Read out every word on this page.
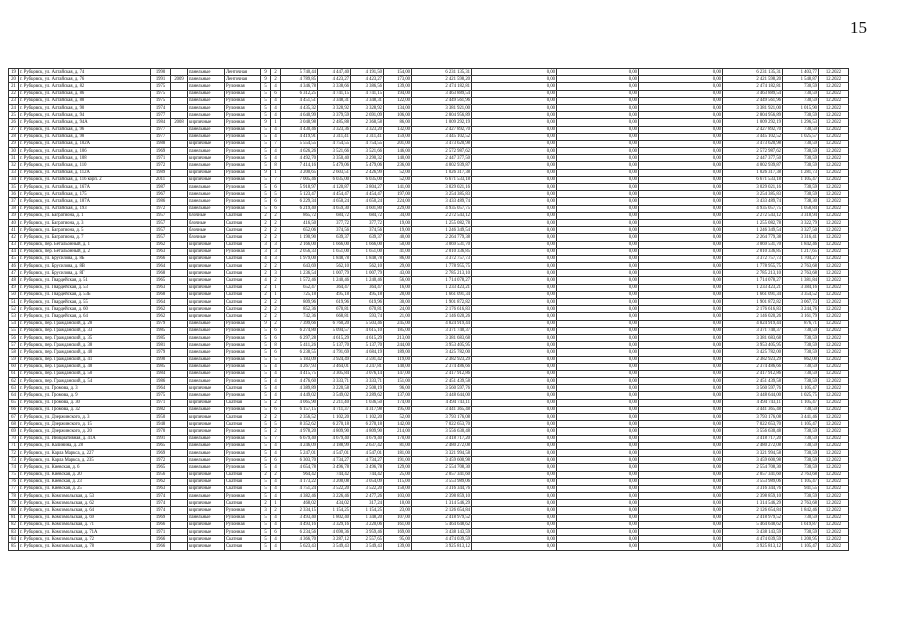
15
19	г. Рубцовск, ул. Алтайская, д. 74	1990		панельные	Ленточная	9	2	5 740,44	4 447,40	4 191,50	154,00	6 231 135,31	0,00	0,00	0,00	6 231 135,31	1 403,77	12.2022
20	г. Рубцовск, ул. Алтайская, д. 76	1991	2009	панельные	Ленточная	9	2	4 789,85	4 423,27	4 423,27	173,00	2 421 598,20	0,00	0,00	0,00	2 421 598,20	1 548,87	12.2022
21	г. Рубцовск, ул. Алтайская, д. 82	1975		панельные	Рулонная	5	4	4 346,78	3 338,66	3 386,56	139,00	2 474 182,81	0,00	0,00	0,00	2 474 182,81	730,59	12.2022
22	г. Рубцовск, ул. Алтайская, д. 86	1975		панельные	Рулонная	5	6	6 312,25	4 741,15	4 741,15	194,00	3 463 889,54	0,00	0,00	0,00	3 463 889,54	730,59	12.2022
23	г. Рубцовск, ул. Алтайская, д. 88	1975		панельные	Рулонная	5	4	4 451,51	3 348,31	3 348,31	122,00	2 449 561,96	0,00	0,00	0,00	2 449 561,96	730,59	12.2022
24	г. Рубцовск, ул. Алтайская, д. 90	1974		панельные	Рулонная	5	4	4 435,32	3 328,92	3 328,92	134,00	3 381 921,00	0,00	0,00	0,00	3 381 921,00	1 015,90	12.2022
25	г. Рубцовск, ул. Алтайская, д. 94	1977		панельные	Рулонная	5	4	4 640,99	3 379,59	2 691,09	106,00	2 804 956,89	0,00	0,00	0,00	2 804 956,89	730,59	12.2022
26	г. Рубцовск, ул. Алтайская, д. 94А	1984	2008	кирпичные	Рулонная	9	1	3 048,98	2 485,88	2 368,58	86,00	1 009 292,19	0,00	0,00	0,00	1 009 292,19	1 296,53	12.2022
27	г. Рубцовск, ул. Алтайская, д. 96	1977		панельные	Рулонная	5	4	4 430,46	3 323,36	3 323,20	132,00	2 427 892,70	0,00	0,00	0,00	2 427 892,70	730,59	12.2022
28	г. Рубцовск, ул. Алтайская, д. 98	1977		панельные	Рулонная	5	4	4 419,91	3 311,41	3 311,41	159,00	3 445 102,52	0,00	0,00	0,00	3 445 102,52	1 025,57	12.2022
29	г. Рубцовск, ул. Алтайская, д. 102А	1988		кирпичные	Рулонная	5	7	5 554,55	4 754,55	4 754,55	201,00	3 473 620,98	0,00	0,00	0,00	3 473 620,98	730,59	12.2022
30	г. Рубцовск, ул. Алтайская, д. 106	1969		панельные	Рулонная	5	4	4 626,26	3 521,66	3 521,66	146,00	2 572 987,62	0,00	0,00	0,00	2 572 987,62	730,59	12.2022
31	г. Рубцовск, ул. Алтайская, д. 108	1971		кирпичные	Рулонная	5	4	4 492,70	3 350,40	3 290,32	140,00	2 447 377,50	0,00	0,00	0,00	2 447 377,50	730,59	12.2022
32	г. Рубцовск, ул. Алтайская, д. 110	1972		панельные	Рулонная	5	8	7 414,16	5 479,06	5 479,06	236,00	4 002 939,87	0,00	0,00	0,00	4 002 939,87	730,59	12.2022
33	г. Рубцовск, ул. Алтайская, д. 112А	1989		кирпичные	Рулонная	9	1	3 200,65	2 603,51	2 426,99	52,00	1 026 317,38	0,00	0,00	0,00	1 026 317,38	1 281,73	12.2022
34	г. Рубцовск, ул. Алтайская, д. 116 корп. 2	2011		кирпичные	Рулонная	5	7	7 005,46	6 035,00	6 035,00	52,00	6 671 533,18	0,00	0,00	0,00	6 671 533,18	1 105,47	12.2022
35	г. Рубцовск, ул. Алтайская, д. 167А	1987		панельные	Рулонная	5	6	5 918,97	4 120,87	3 804,27	141,00	3 029 021,16	0,00	0,00	0,00	3 029 021,16	730,59	12.2022
36	г. Рубцовск, ул. Алтайская, д. 175	1967		панельные	Рулонная	5	5	5 123,47	4 454,47	4 454,47	197,00	3 254 385,83	0,00	0,00	0,00	3 254 385,83	730,59	12.2022
37	г. Рубцовск, ул. Алтайская, д. 187А	1986		панельные	Рулонная	5	6	6 229,34	4 650,24	4 650,24	224,00	3 433 489,74	0,00	0,00	0,00	3 433 489,74	738,30	12.2022
38	г. Рубцовск, ул. Алтайская, д. 193	1972		панельные	Рулонная	5	6	6 219,40	4 659,30	4 601,80	229,00	4 935 057,75	0,00	0,00	0,00	4 935 057,75	1 058,84	12.2022
39	г. Рубцовск, ул. Багратиона, д. 1	1957		блочные	Скатная	2	2	865,72	684,72	684,72	34,00	2 272 543,12	0,00	0,00	0,00	2 272 543,12	3 318,94	12.2022
40	г. Рубцовск, ул. Багратиона, д. 3	1957		блочные	Скатная	2	2	416,50	377,72	377,72	19,00	1 255 082,78	0,00	0,00	0,00	1 255 082,78	3 322,79	12.2022
41	г. Рубцовск, ул. Багратиона, д. 5	1957		блочные	Скатная	2	2	652,06	374,56	374,56	19,00	1 246 349,54	0,00	0,00	0,00	1 246 349,54	3 327,50	12.2022
42	г. Рубцовск, ул. Багратиона, д. 7	1957		блочные	Скатная	2	2	1 190,90	639,37	639,37	40,00	2 264 779,38	0,00	0,00	0,00	2 264 779,38	3 316,41	12.2022
43	г. Рубцовск, пер. Бетальонный, д. 1	1962		кирпичные	Скатная	3	3	2 166,00	1 666,00	1 666,00	50,00	3 069 531,70	0,00	0,00	0,00	3 069 531,70	1 842,46	12.2022
44	г. Рубцовск, пер. Бетальонный, д. 2	1963		кирпичные	Рулонная	3	3	2 056,33	1 651,00	1 651,00	41,00	2 010 336,85	0,00	0,00	0,00	2 010 336,85	1 217,65	12.2022
45	г. Рубцовск, ул. Брусилова, д. 8Б	1966		кирпичные	Скатная	4	3	1 979,00	1 848,78	1 848,78	86,00	3 372 757,73	0,00	0,00	0,00	3 372 757,73	1 704,27	12.2022
46	г. Рубцовск, ул. Брусилова, д. 8В	1964		кирпичные	Скатная	2	2	643,69	562,10	562,10	29,00	1 778 955,75	0,00	0,00	0,00	1 778 955,75	2 763,68	12.2022
47	г. Рубцовск, ул. Брусилова, д. 8Г	1968		кирпичные	Скатная	2	3	1 236,54	1 007,79	1 007,79	43,00	2 785 213,10	0,00	0,00	0,00	2 785 213,10	2 763,68	12.2022
48	г. Рубцовск, ул. Гвардейская, д. 51	1965		кирпичные	Скатная	4	2	1 572,46	1 240,46	1 240,46	56,00	1 714 078,27	0,00	0,00	0,00	1 714 078,27	1 381,84	12.2022
49	г. Рубцовск, ул. Гвардейская, д. 53	1963		кирпичные	Скатная	2	1	652,47	364,47	364,47	16,00	1 233 423,21	0,00	0,00	0,00	1 233 423,21	3 384,16	12.2022
50	г. Рубцовск, ул. Гвардейская, д. 53Б	1968		кирпичные	Скатная	2	1	725,18	495,18	495,18	20,00	1 661 091,34	0,00	0,00	0,00	1 661 091,34	3 354,52	12.2022
51	г. Рубцовск, ул. Гвардейская, д. 55	1964		кирпичные	Скатная	2	2	809,96	619,96	619,96	30,00	1 901 872,82	0,00	0,00	0,00	1 901 872,82	3 067,73	12.2022
52	г. Рубцовск, ул. Гвардейская, д. 60	1962		кирпичные	Скатная	2	2	852,36	670,81	670,81	24,00	2 176 616,83	0,00	0,00	0,00	2 176 616,83	3 244,76	12.2022
53	г. Рубцовск, ул. Гвардейская, д. 64	1962		кирпичные	Скатная	2	2	742,36	668,81	593,74	21,00	2 146 020,26	0,00	0,00	0,00	2 146 020,26	3 161,79	12.2022
54	г. Рубцовск, пер. Гражданский, д. 28	1979		панельные	Рулонная	9	2	7 399,66	6 760,20	5 503,46	245,00	4 824 919,44	0,00	0,00	0,00	4 824 919,44	876,71	12.2022
55	г. Рубцовск, пер. Гражданский, д. 33	1985		панельные	Рулонная	5	6	6 274,80	5 094,57	4 615,10	185,00	3 371 740,37	0,00	0,00	0,00	3 371 740,37	730,59	12.2022
56	г. Рубцовск, пер. Гражданский, д. 35	1985		панельные	Рулонная	5	6	6 297,28	4 615,29	4 615,29	213,00	3 381 683,68	0,00	0,00	0,00	3 381 683,68	730,59	12.2022
57	г. Рубцовск, пер. Гражданский, д. 38	1981		панельные	Рулонная	5	8	5 411,26	5 137,70	5 137,70	244,00	3 953 405,95	0,00	0,00	0,00	3 953 405,95	730,59	12.2022
58	г. Рубцовск, пер. Гражданский, д. 40	1979		панельные	Рулонная	5	6	6 238,55	4 791,69	4 684,19	189,00	3 425 782,00	0,00	0,00	0,00	3 425 782,00	730,59	12.2022
59	г. Рубцовск, пер. Гражданский, д. 41	1990		панельные	Рулонная	5	5	5 183,09	3 924,49	3 591,42	119,00	2 382 923,29	0,00	0,00	0,00	2 382 923,29	862,00	12.2022
60	г. Рубцовск, пер. Гражданский, д. 48	1985		панельные	Рулонная	5	4	4 267,93	3 464,01	3 247,81	140,00	2 374 486,66	0,00	0,00	0,00	2 374 486,66	730,59	12.2022
61	г. Рубцовск, пер. Гражданский, д. 50	1984		панельные	Рулонная	5	4	4 415,75	3 305,84	3 076,14	147,00	2 417 912,86	0,00	0,00	0,00	2 417 912,86	730,59	12.2022
62	г. Рубцовск, пер. Гражданский, д. 54	1986		панельные	Рулонная	5	4	4 476,60	3 333,71	3 333,71	151,00	2 451 439,58	0,00	0,00	0,00	2 451 439,58	730,59	12.2022
63	г. Рубцовск, ул. Громова, д. 3	1964		кирпичные	Скатная	5	4	4 389,89	3 220,58	2 508,19	96,00	3 560 597,76	0,00	0,00	0,00	3 560 597,76	1 105,47	12.2022
64	г. Рубцовск, ул. Громова, д. 9	1975		панельные	Рулонная	5	4	4 449,02	3 549,02	3 289,62	137,00	3 448 644,00	0,00	0,00	0,00	3 448 644,00	1 025,75	12.2022
65	г. Рубцовск, ул. Громова, д. 30	1971		кирпичные	Скатная	5	2	4 065,90	2 211,40	1 036,50	174,00	4 494 743,11	0,00	0,00	0,00	4 494 743,11	1 105,47	12.2022
66	г. Рубцовск, ул. Громова, д. 32	1982		панельные	Рулонная	5	6	6 157,15	4 711,37	4 317,98	195,00	3 441 365,48	0,00	0,00	0,00	3 441 365,48	730,59	12.2022
67	г. Рубцовск, ул. Дзержинского, д. 3	1950		кирпичные	Скатная	2	2	2 356,52	1 102,20	1 102,20	52,00	3 793 176,08	0,00	0,00	0,00	3 793 176,08	3 441,46	12.2022
68	г. Рубцовск, ул. Дзержинского, д. 15	1948		кирпичные	Скатная	5	5	8 352,62	6 270,18	6 270,18	142,00	7 022 653,70	0,00	0,00	0,00	7 022 653,70	1 105,47	12.2022
69	г. Рубцовск, ул. Дзержинского, д. 20	1970		кирпичные	Рулонная	5	2	4 978,20	4 809,90	4 809,90	214,00	3 556 630,48	0,00	0,00	0,00	3 556 630,48	730,59	12.2022
70	г. Рубцовск, ул. Инициативная, д. 41А	1991		панельные	Рулонная	5	7	6 679,40	4 679,40	4 679,40	170,00	3 418 717,20	0,00	0,00	0,00	3 418 717,20	730,59	12.2022
71	г. Рубцовск, ул. Калинина, д. 28	1965		панельные	Рулонная	5	4	4 246,09	3 188,99	2 637,42	81,00	2 480 272,08	0,00	0,00	0,00	2 480 272,08	730,59	12.2022
72	г. Рубцовск, ул. Карла Маркса, д. 227	1969		панельные	Рулонная	5	4	5 247,01	4 547,01	4 547,01	181,00	3 321 994,58	0,00	0,00	0,00	3 321 994,58	730,59	12.2022
73	г. Рубцовск, ул. Карла Маркса, д. 235	1972		панельные	Рулонная	5	6	6 303,70	4 734,27	4 734,27	191,00	3 459 600,98	0,00	0,00	0,00	3 459 600,98	730,59	12.2022
74	г. Рубцовск, ул. Киевская, д. 6	1965		панельные	Рулонная	5	4	4 654,78	3 496,78	3 496,78	129,00	2 554 708,30	0,00	0,00	0,00	2 554 708,30	730,59	12.2022
75	г. Рубцовск, ул. Киевская, д. 20	1956		кирпичные	Скатная	2	2	964,42	744,42	744,42	25,00	2 057 341,60	0,00	0,00	0,00	2 057 341,60	2 763,68	12.2022
76	г. Рубцовск, ул. Киевская, д. 23	1962		кирпичные	Скатная	5	4	4 173,22	3 200,08	3 054,09	115,00	3 553 989,06	0,00	0,00	0,00	3 553 989,06	1 105,47	12.2022
77	г. Рубцовск, ул. Киевская, д. 25	1963		кирпичные	Скатная	5	4	4 751,24	3 522,20	3 522,20	150,00	3 316 344,76	0,00	0,00	0,00	3 316 344,76	941,55	12.2022
78	г. Рубцовск, ул. Комсомольская, д. 53	1974		панельные	Рулонная	5	4	4 382,46	3 226,46	2 477,26	103,00	2 398 859,10	0,00	0,00	0,00	2 398 859,10	730,59	12.2022
79	г. Рубцовск, ул. Комсомольская, д. 62	1974		кирпичные	Скатная	2	1	468,02	434,02	317,24	10,00	1 314 546,29	0,00	0,00	0,00	1 314 546,29	2 763,68	12.2022
80	г. Рубцовск, ул. Комсомольская, д. 64	1974		кирпичные	Рулонная	3	2	2 334,15	1 154,25	1 154,25	23,00	2 126 654,84	0,00	0,00	0,00	2 126 654,84	1 842,46	12.2022
81	г. Рубцовск, ул. Комсомольская, д. 69	1969		панельные	Рулонная	5	4	3 493,40	1 802,40	1 348,20	107,00	2 418 979,52	0,00	0,00	0,00	2 418 979,52	730,59	12.2022
82	г. Рубцовск, ул. Комсомольская, д. 71	1966		кирпичные	Рулонная	5	4	4 493,16	3 329,16	3 220,06	161,00	5 464 648,62	0,00	0,00	0,00	5 464 648,62	1 619,87	12.2022
83	г. Рубцовск, ул. Комсомольская, д. 71А	1971		кирпичные	Рулонная	5	6	6 234,56	4 690,36	3 959,46	169,00	3 438 143,59	0,00	0,00	0,00	3 438 143,59	730,59	12.2022
84	г. Рубцовск, ул. Комсомольская, д. 72	1966		кирпичные	Скатная	5	4	4 366,70	3 287,12	2 557,65	95,00	4 474 039,59	0,00	0,00	0,00	4 474 039,59	1 200,95	12.2022
85	г. Рубцовск, ул. Комсомольская, д. 78	1966		кирпичные	Скатная	5	4	5 623,43	3 549,43	3 549,43	139,00	3 925 813,12	0,00	0,00	0,00	3 925 813,12	1 105,47	12.2022
